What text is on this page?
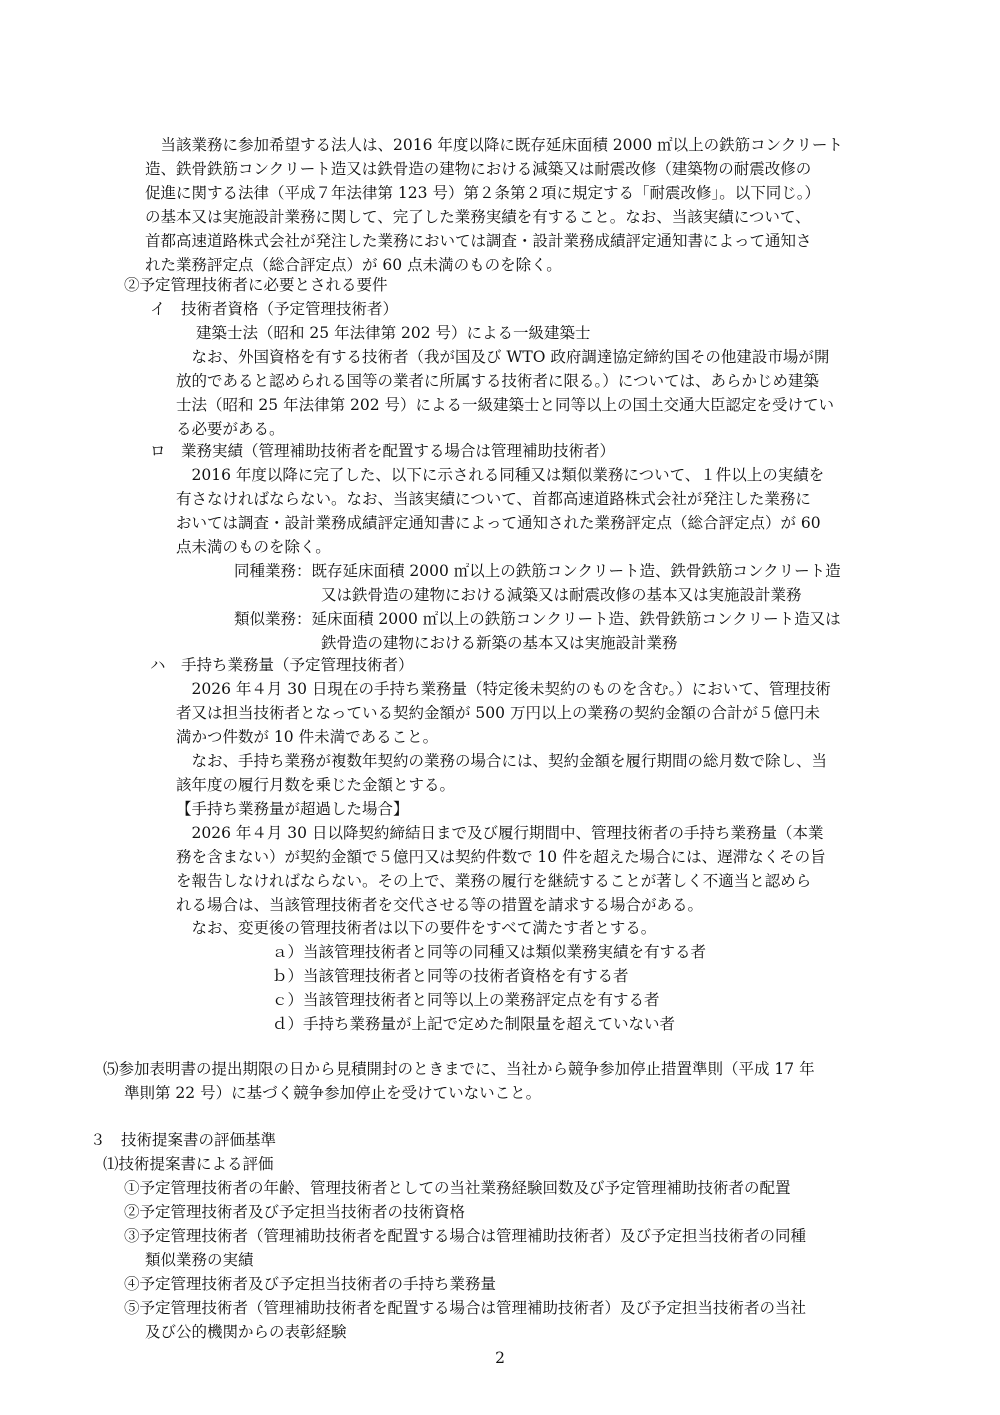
　当該業務に参加希望する法人は、2016 年度以降に既存延床面積 2000 ㎡以上の鉄筋コンクリート
造、鉄骨鉄筋コンクリート造又は鉄骨造の建物における減築又は耐震改修（建築物の耐震改修の
促進に関する法律（平成７年法律第 123 号）第２条第２項に規定する「耐震改修」。以下同じ。）
の基本又は実施設計業務に関して、完了した業務実績を有すること。なお、当該実績について、
首都高速道路株式会社が発注した業務においては調査・設計業務成績評定通知書によって通知さ
れた業務評定点（総合評定点）が 60 点未満のものを除く。
②予定管理技術者に必要とされる要件
イ　技術者資格（予定管理技術者）
建築士法（昭和 25 年法律第 202 号）による一級建築士
　なお、外国資格を有する技術者（我が国及び WTO 政府調達協定締約国その他建設市場が開
放的であると認められる国等の業者に所属する技術者に限る。）については、あらかじめ建築
士法（昭和 25 年法律第 202 号）による一級建築士と同等以上の国土交通大臣認定を受けてい
る必要がある。
ロ　業務実績（管理補助技術者を配置する場合は管理補助技術者）
　2016 年度以降に完了した、以下に示される同種又は類似業務について、１件以上の実績を
有さなければならない。なお、当該実績について、首都高速道路株式会社が発注した業務に
おいては調査・設計業務成績評定通知書によって通知された業務評定点（総合評定点）が 60
点未満のものを除く。
同種業務：既存延床面積 2000 ㎡以上の鉄筋コンクリート造、鉄骨鉄筋コンクリート造
又は鉄骨造の建物における減築又は耐震改修の基本又は実施設計業務
類似業務：延床面積 2000 ㎡以上の鉄筋コンクリート造、鉄骨鉄筋コンクリート造又は
鉄骨造の建物における新築の基本又は実施設計業務
ハ　手持ち業務量（予定管理技術者）
　2026 年４月 30 日現在の手持ち業務量（特定後未契約のものを含む。）において、管理技術
者又は担当技術者となっている契約金額が 500 万円以上の業務の契約金額の合計が５億円未
満かつ件数が 10 件未満であること。
　なお、手持ち業務が複数年契約の業務の場合には、契約金額を履行期間の総月数で除し、当
該年度の履行月数を乗じた金額とする。
【手持ち業務量が超過した場合】
　2026 年４月 30 日以降契約締結日まで及び履行期間中、管理技術者の手持ち業務量（本業
務を含まない）が契約金額で５億円又は契約件数で 10 件を超えた場合には、遅滞なくその旨
を報告しなければならない。その上で、業務の履行を継続することが著しく不適当と認めら
れる場合は、当該管理技術者を交代させる等の措置を請求する場合がある。
　なお、変更後の管理技術者は以下の要件をすべて満たす者とする。
ａ）当該管理技術者と同等の同種又は類似業務実績を有する者
ｂ）当該管理技術者と同等の技術者資格を有する者
ｃ）当該管理技術者と同等以上の業務評定点を有する者
ｄ）手持ち業務量が上記で定めた制限量を超えていない者
⑸参加表明書の提出期限の日から見積開封のときまでに、当社から競争参加停止措置準則（平成 17 年
準則第 22 号）に基づく競争参加停止を受けていないこと。
３　技術提案書の評価基準
⑴技術提案書による評価
①予定管理技術者の年齢、管理技術者としての当社業務経験回数及び予定管理補助技術者の配置
②予定管理技術者及び予定担当技術者の技術資格
③予定管理技術者（管理補助技術者を配置する場合は管理補助技術者）及び予定担当技術者の同種
類似業務の実績
④予定管理技術者及び予定担当技術者の手持ち業務量
⑤予定管理技術者（管理補助技術者を配置する場合は管理補助技術者）及び予定担当技術者の当社
及び公的機関からの表彰経験
2
